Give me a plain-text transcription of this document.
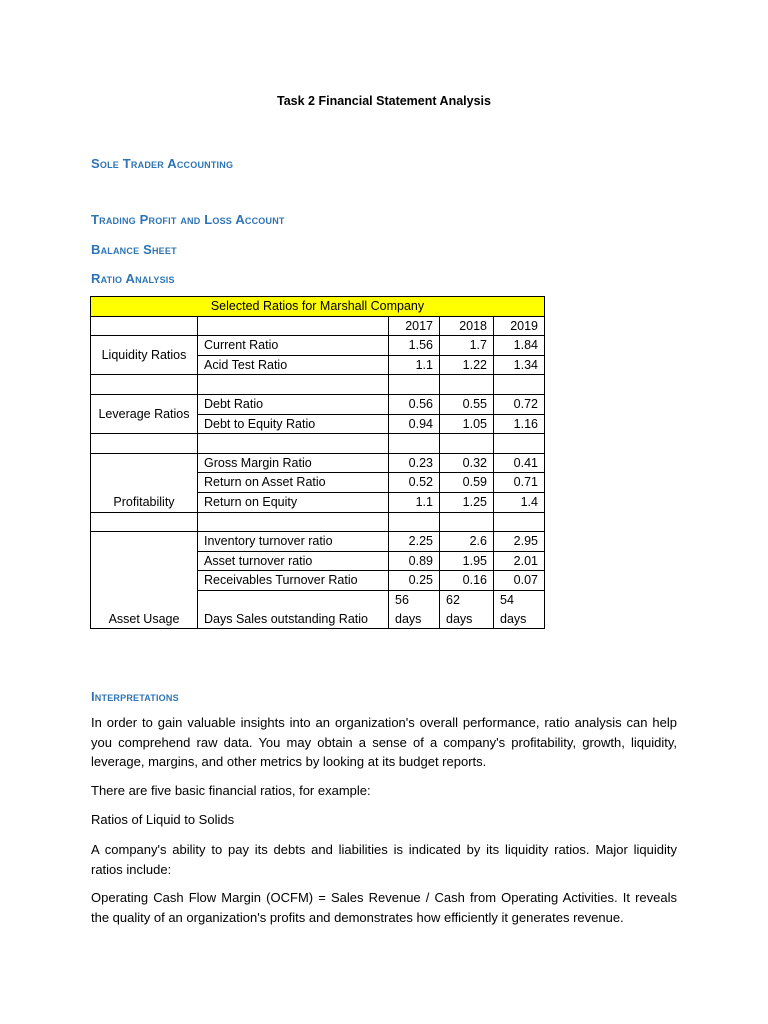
Task 2 Financial Statement Analysis
Sole Trader Accounting
Trading Profit and Loss Account
Balance Sheet
Ratio Analysis
Selected Ratios for Marshall Company				
		2017	2018	2019
Liquidity Ratios	Current Ratio	1.56	1.7	1.84
	Acid Test Ratio	1.1	1.22	1.34

Leverage Ratios	Debt Ratio	0.56	0.55	0.72
	Debt to Equity Ratio	0.94	1.05	1.16

Profitability	Gross Margin Ratio	0.23	0.32	0.41
	Return on Asset Ratio	0.52	0.59	0.71
	Return on Equity	1.1	1.25	1.4

Asset Usage	Inventory turnover ratio	2.25	2.6	2.95
	Asset turnover ratio	0.89	1.95	2.01
	Receivables Turnover Ratio	0.25	0.16	0.07
	Days Sales outstanding Ratio	56 days	62 days	54 days
Interpretations

In order to gain valuable insights into an organization's overall performance, ratio analysis can help you comprehend raw data. You may obtain a sense of a company's profitability, growth, liquidity, leverage, margins, and other metrics by looking at its budget reports.

There are five basic financial ratios, for example:

Ratios of Liquid to Solids

A company's ability to pay its debts and liabilities is indicated by its liquidity ratios. Major liquidity ratios include:

Operating Cash Flow Margin (OCFM) = Sales Revenue / Cash from Operating Activities. It reveals the quality of an organization's profits and demonstrates how efficiently it generates revenue.
